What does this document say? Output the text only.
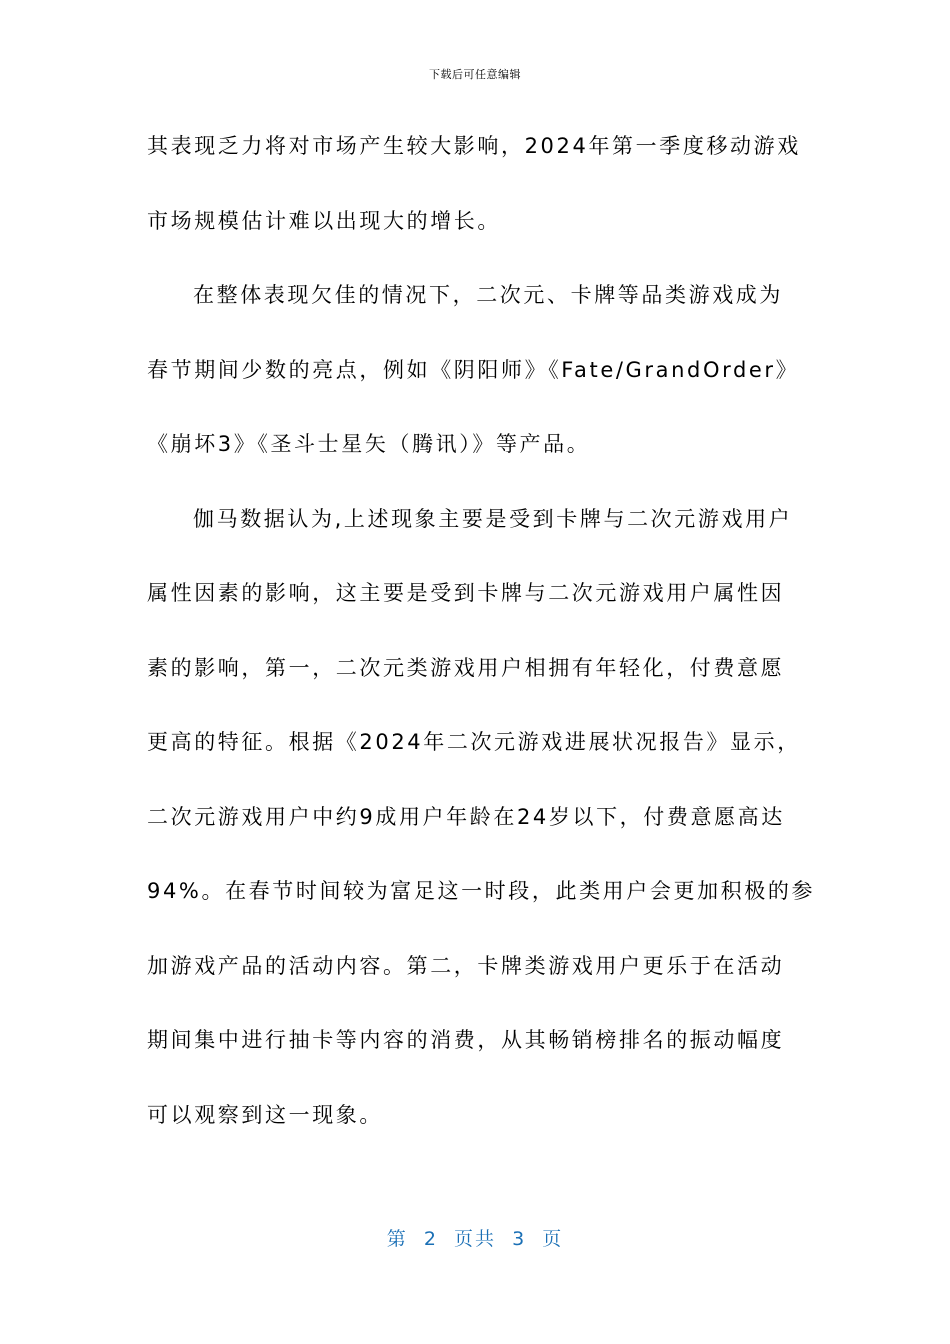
下载后可任意编辑
其表现乏力将对市场产生较大影响，2024年第一季度移动游戏
市场规模估计难以出现大的增长。
在整体表现欠佳的情况下，二次元、卡牌等品类游戏成为
春节期间少数的亮点，例如《阴阳师》《Fate/GrandOrder》
《崩坏3》《圣斗士星矢（腾讯）》等产品。
伽马数据认为,上述现象主要是受到卡牌与二次元游戏用户
属性因素的影响，这主要是受到卡牌与二次元游戏用户属性因
素的影响，第一，二次元类游戏用户相拥有年轻化，付费意愿
更高的特征。根据《2024年二次元游戏进展状况报告》显示，
二次元游戏用户中约9成用户年龄在24岁以下，付费意愿高达
94%。在春节时间较为富足这一时段，此类用户会更加积极的参
加游戏产品的活动内容。第二，卡牌类游戏用户更乐于在活动
期间集中进行抽卡等内容的消费，从其畅销榜排名的振动幅度
可以观察到这一现象。
第  2  页共  3  页
